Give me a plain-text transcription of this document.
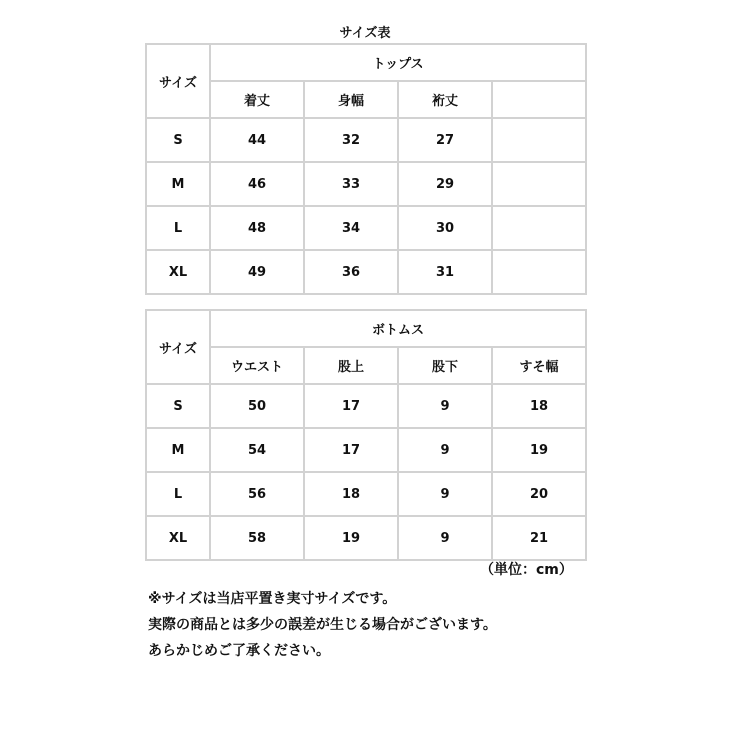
サイズ表
サイズ	トップス			
	着丈	身幅	裄丈	
S	44	32	27	
M	46	33	29	
L	48	34	30	
XL	49	36	31	
サイズ	ボトムス			
	ウエスト	股上	股下	すそ幅
S	50	17	9	18
M	54	17	9	19
L	56	18	9	20
XL	58	19	9	21
（単位：cm）
※サイズは当店平置き実寸サイズです。
実際の商品とは多少の誤差が生じる場合がございます。
あらかじめご了承ください。
